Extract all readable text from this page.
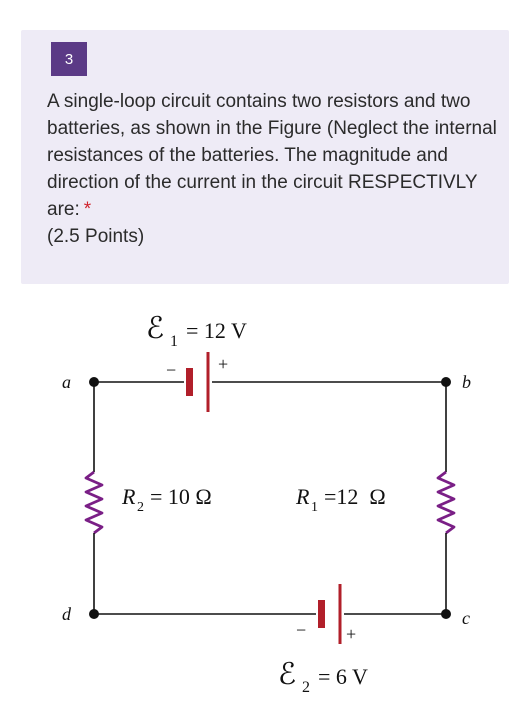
3
A single-loop circuit contains two resistors and two batteries, as shown in the Figure (Neglect the internal resistances of the batteries. The magnitude and direction of the current in the circuit RESPECTIVLY are: *
(2.5 Points)
ℰ 1 = 12 V
− +
a	b
R 2 = 10 Ω	R 1 =12  Ω
− +
d	c
ℰ 2 = 6 V
